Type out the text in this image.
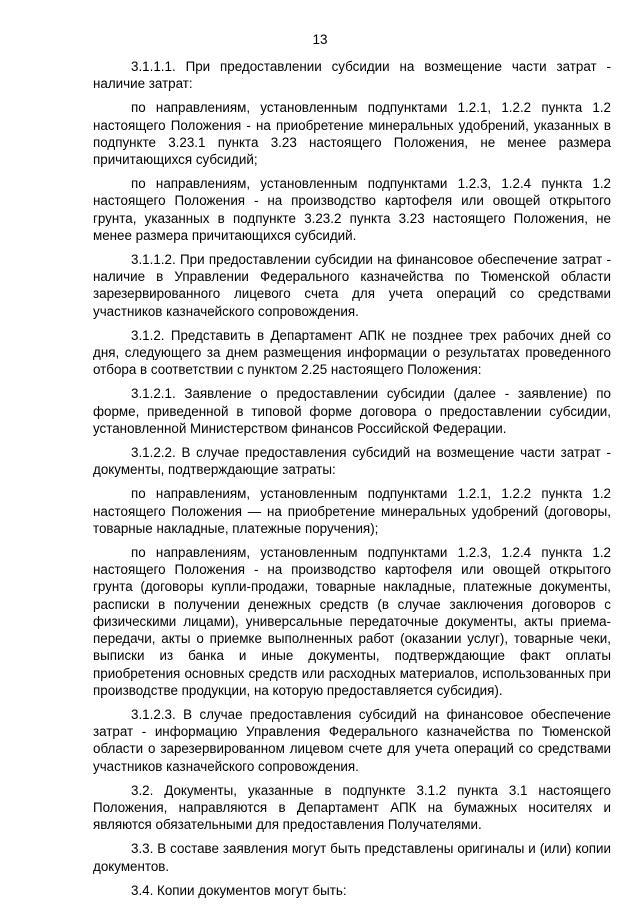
13

3.1.1.1. При предоставлении субсидии на возмещение части затрат - наличие затрат:

по направлениям, установленным подпунктами 1.2.1, 1.2.2 пункта 1.2 настоящего Положения - на приобретение минеральных удобрений, указанных в подпункте 3.23.1 пункта 3.23 настоящего Положения, не менее размера причитающихся субсидий;

по направлениям, установленным подпунктами 1.2.3, 1.2.4 пункта 1.2 настоящего Положения - на производство картофеля или овощей открытого грунта, указанных в подпункте 3.23.2 пункта 3.23 настоящего Положения, не менее размера причитающихся субсидий.

3.1.1.2. При предоставлении субсидии на финансовое обеспечение затрат - наличие в Управлении Федерального казначейства по Тюменской области зарезервированного лицевого счета для учета операций со средствами участников казначейского сопровождения.

3.1.2. Представить в Департамент АПК не позднее трех рабочих дней со дня, следующего за днем размещения информации о результатах проведенного отбора в соответствии с пунктом 2.25 настоящего Положения:

3.1.2.1. Заявление о предоставлении субсидии (далее - заявление) по форме, приведенной в типовой форме договора о предоставлении субсидии, установленной Министерством финансов Российской Федерации.

3.1.2.2. В случае предоставления субсидий на возмещение части затрат - документы, подтверждающие затраты:

по направлениям, установленным подпунктами 1.2.1, 1.2.2 пункта 1.2 настоящего Положения — на приобретение минеральных удобрений (договоры, товарные накладные, платежные поручения);

по направлениям, установленным подпунктами 1.2.3, 1.2.4 пункта 1.2 настоящего Положения - на производство картофеля или овощей открытого грунта (договоры купли-продажи, товарные накладные, платежные документы, расписки в получении денежных средств (в случае заключения договоров с физическими лицами), универсальные передаточные документы, акты приема-передачи, акты о приемке выполненных работ (оказании услуг), товарные чеки, выписки из банка и иные документы, подтверждающие факт оплаты приобретения основных средств или расходных материалов, использованных при производстве продукции, на которую предоставляется субсидия).

3.1.2.3. В случае предоставления субсидий на финансовое обеспечение затрат - информацию Управления Федерального казначейства по Тюменской области о зарезервированном лицевом счете для учета операций со средствами участников казначейского сопровождения.

3.2. Документы, указанные в подпункте 3.1.2 пункта 3.1 настоящего Положения, направляются в Департамент АПК на бумажных носителях и являются обязательными для предоставления Получателями.

3.3. В составе заявления могут быть представлены оригиналы и (или) копии документов.

3.4. Копии документов могут быть:
